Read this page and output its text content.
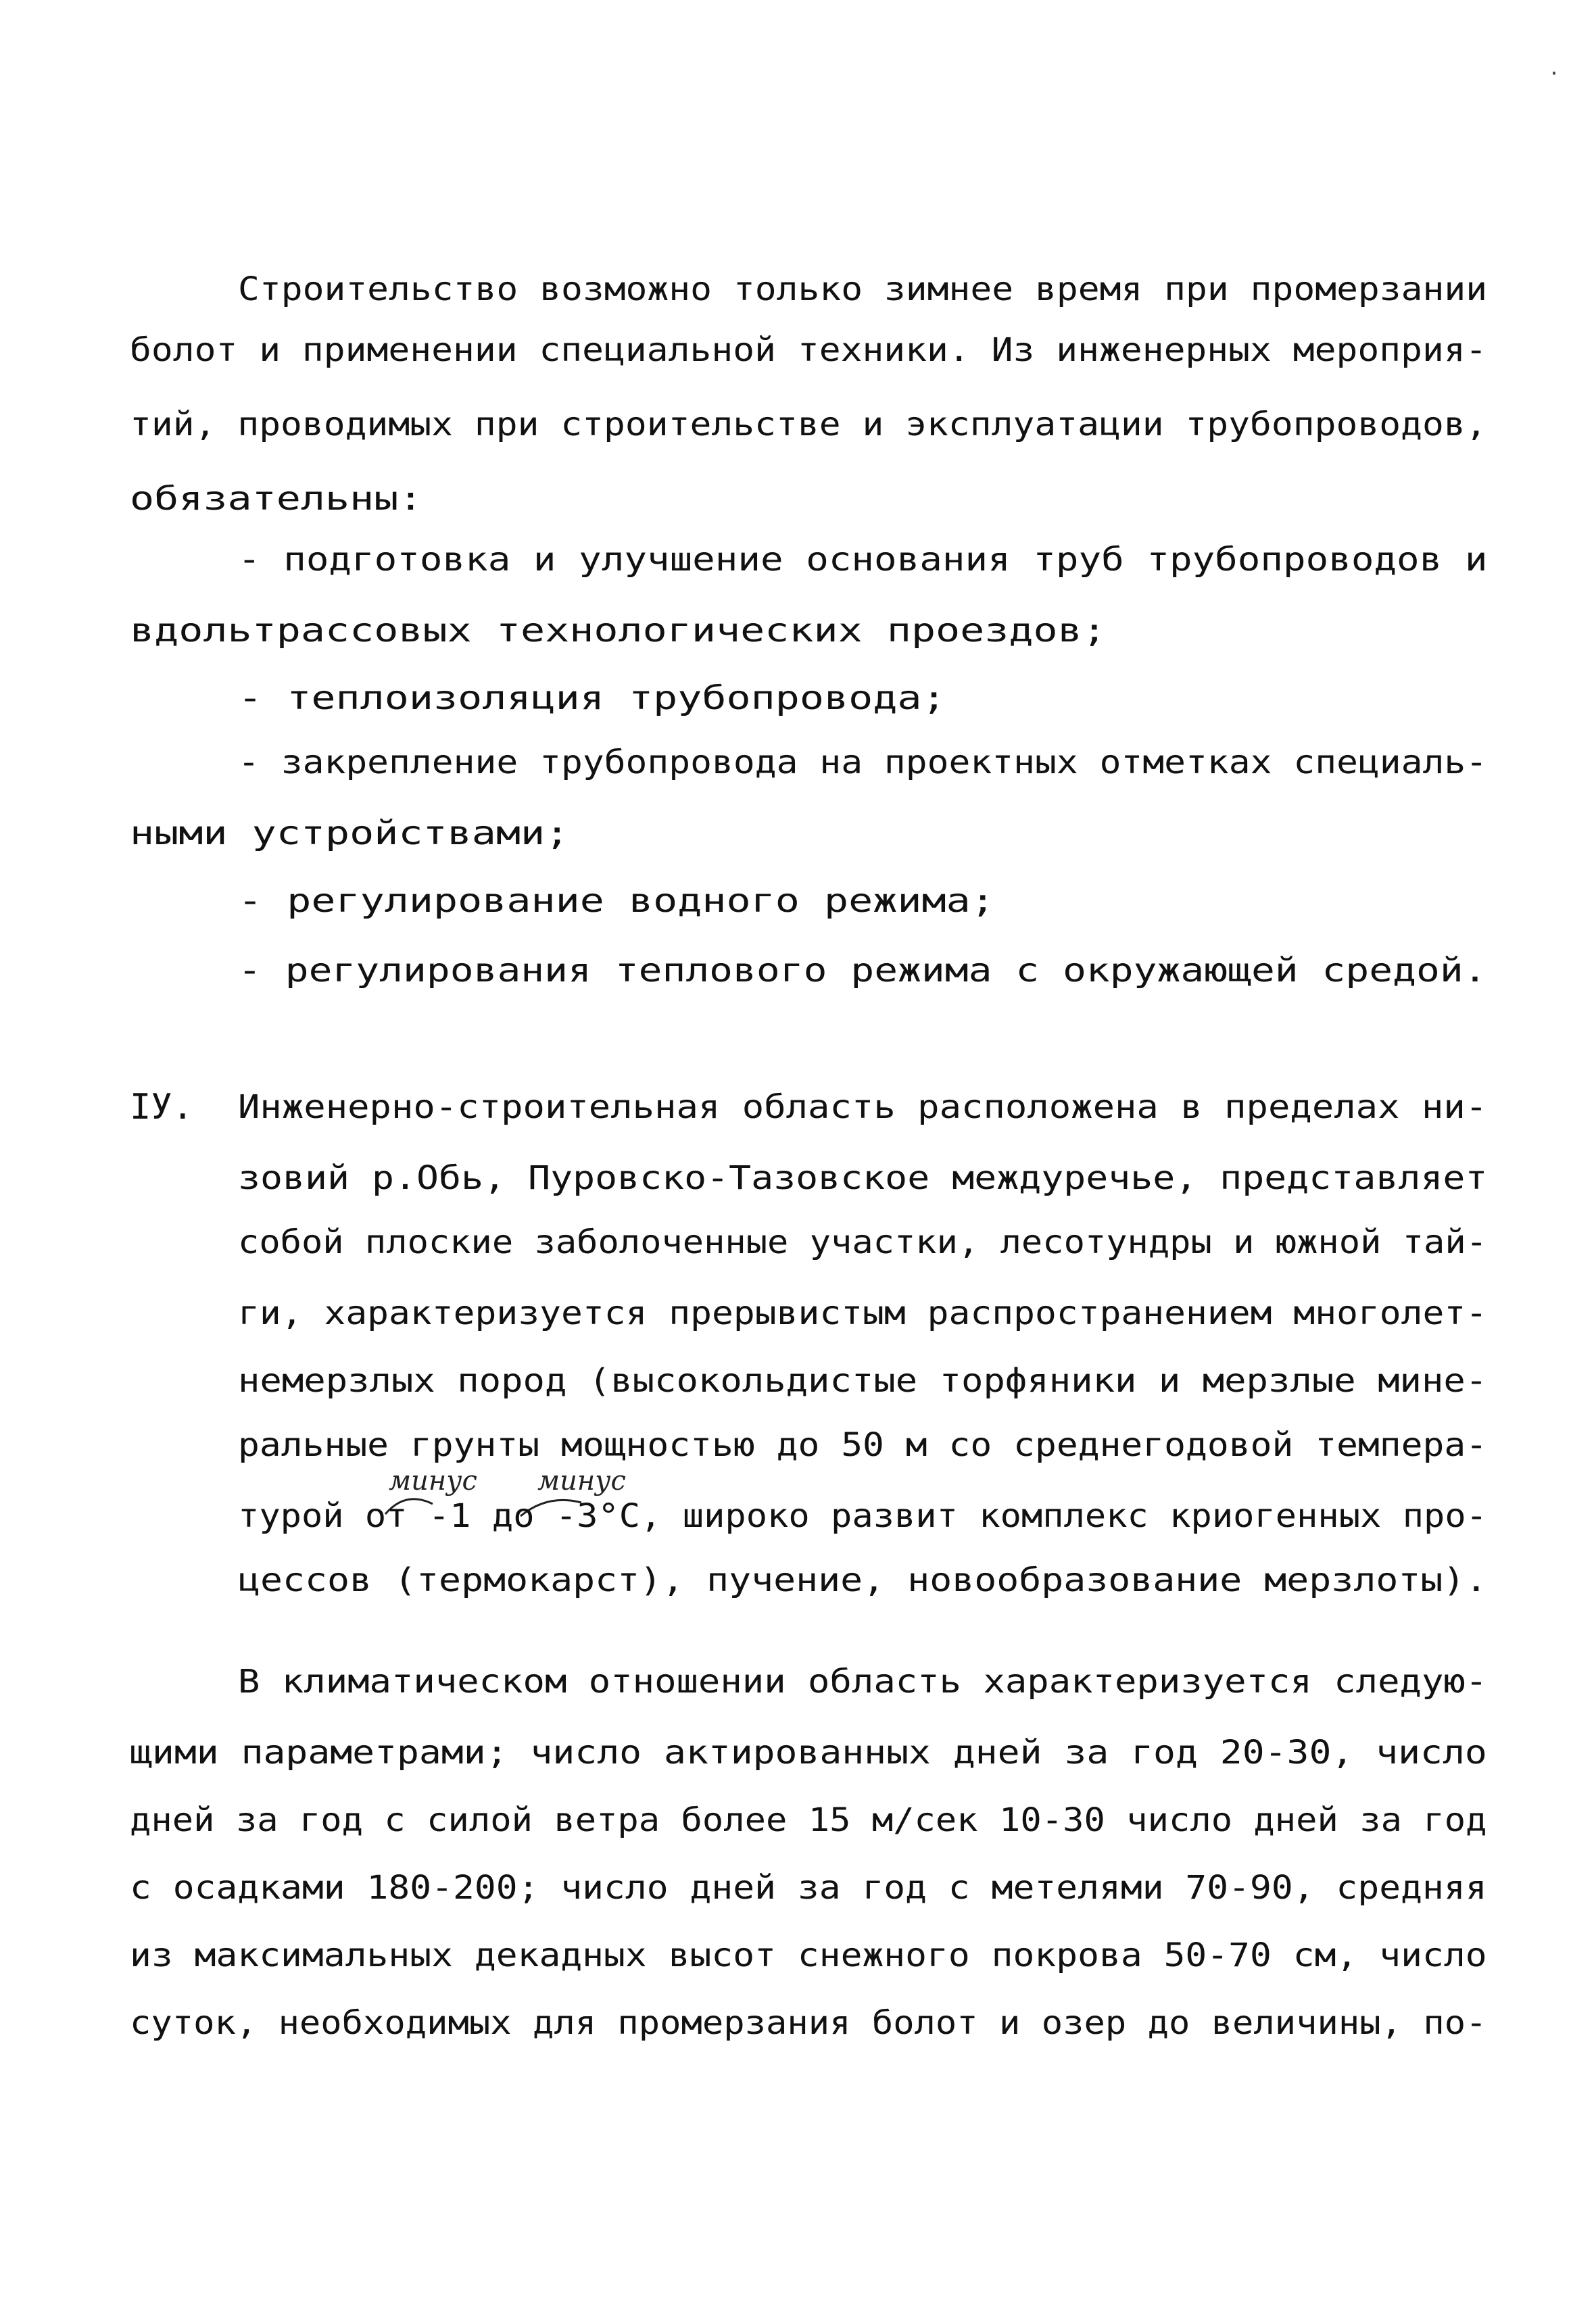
Строительство возможно только зимнее время при промерзании
болот и применении специальной техники. Из инженерных мероприя-
тий, проводимых при строительстве и эксплуатации трубопроводов,
обязательны:
- подготовка и улучшение основания труб трубопроводов и
вдольтрассовых технологических проездов;
- теплоизоляция трубопровода;
- закрепление трубопровода на проектных отметках специаль-
ными устройствами;
- регулирование водного режима;
- регулирования теплового режима с окружающей средой.
IУ. Инженерно-строительная область расположена в пределах ни-
зовий р.Обь, Пуровско-Тазовское междуречье, представляет
собой плоские заболоченные участки, лесотундры и южной тай-
ги, характеризуется прерывистым распространением многолет-
немерзлых пород (высокольдистые торфяники и мерзлые мине-
ральные грунты мощностью до 50 м со среднегодовой темпера-
минус минус
турой от -1 до -3°С, широко развит комплекс криогенных про-
цессов (термокарст), пучение, новообразование мерзлоты).
В климатическом отношении область характеризуется следую-
щими параметрами; число актированных дней за год 20-30, число
дней за год с силой ветра более 15 м/сек 10-30 число дней за год
с осадками 180-200; число дней за год с метелями 70-90, средняя
из максимальных декадных высот снежного покрова 50-70 см, число
суток, необходимых для промерзания болот и озер до величины, по-
·
